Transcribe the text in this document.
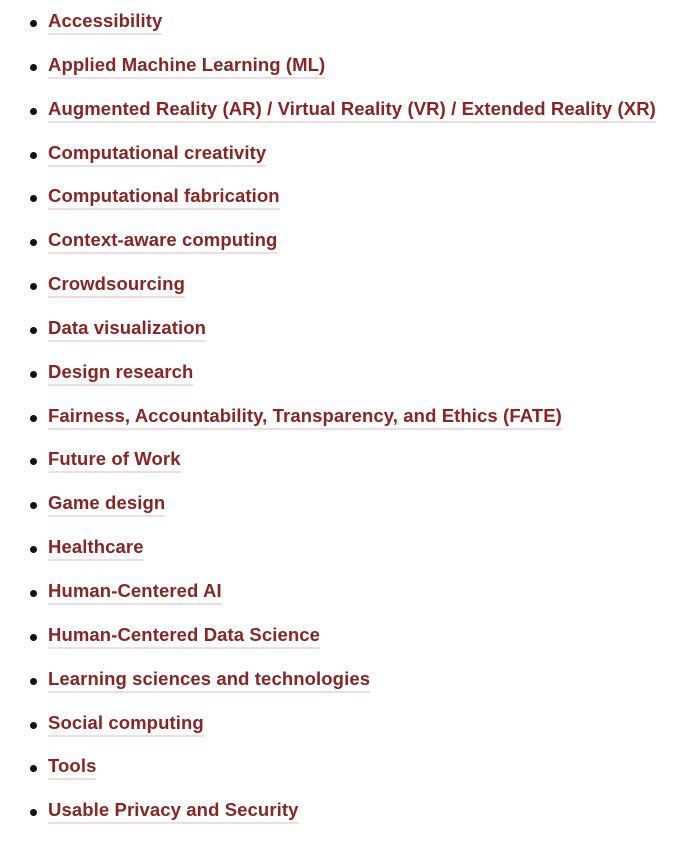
Accessibility
Applied Machine Learning (ML)
Augmented Reality (AR) / Virtual Reality (VR) / Extended Reality (XR)
Computational creativity
Computational fabrication
Context-aware computing
Crowdsourcing
Data visualization
Design research
Fairness, Accountability, Transparency, and Ethics (FATE)
Future of Work
Game design
Healthcare
Human-Centered AI
Human-Centered Data Science
Learning sciences and technologies
Social computing
Tools
Usable Privacy and Security
